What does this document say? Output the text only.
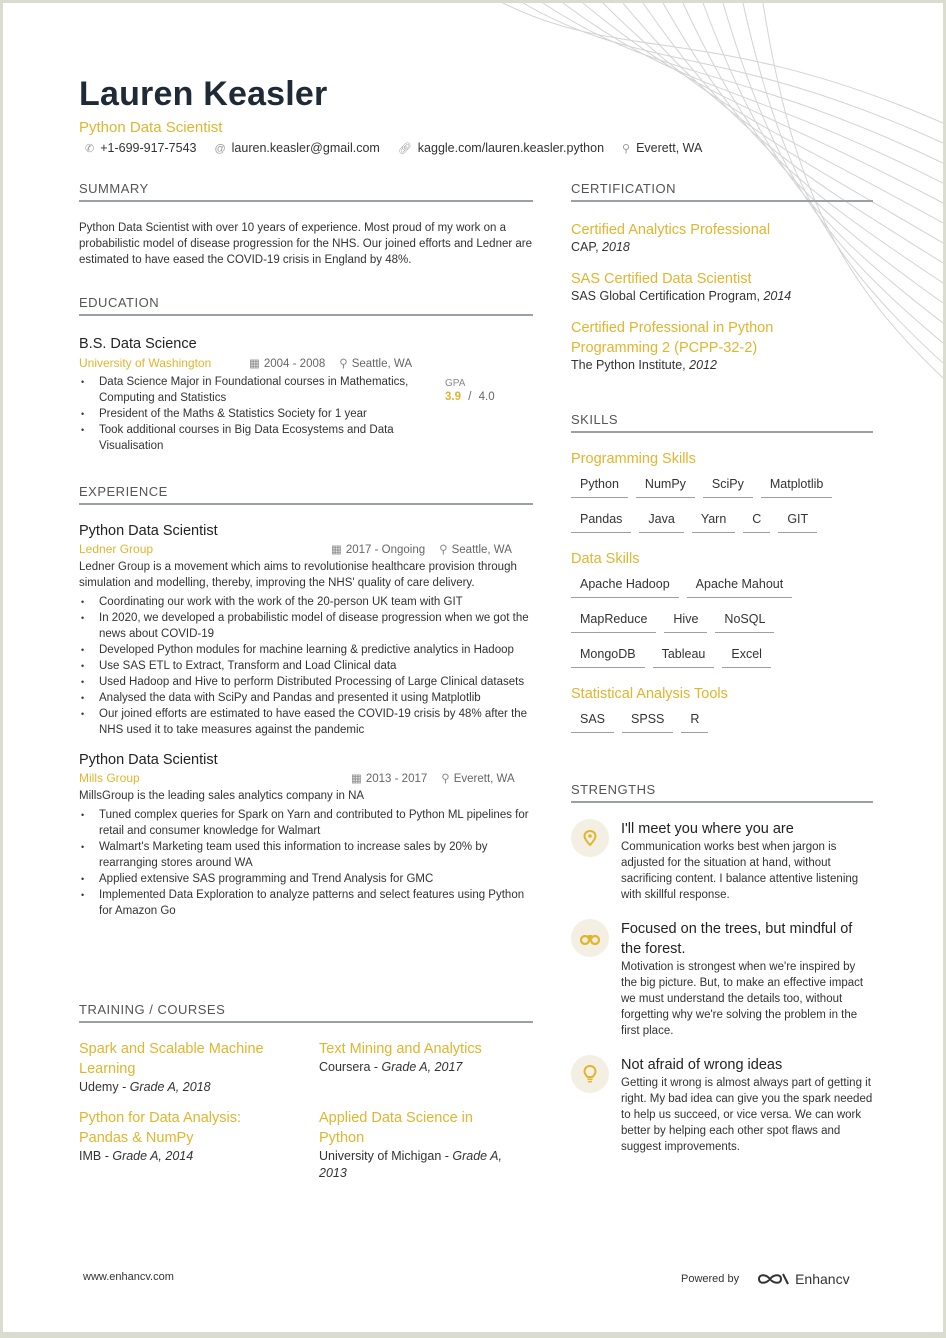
Lauren Keasler
Python Data Scientist
✆ +1-699-917-7543 @ lauren.keasler@gmail.com 🔗︎ kaggle.com/lauren.keasler.python ⚲ Everett, WA
SUMMARY
Python Data Scientist with over 10 years of experience. Most proud of my work on a probabilistic model of disease progression for the NHS. Our joined efforts and Ledner are estimated to have eased the COVID-19 crisis in England by 48%.
EDUCATION
B.S. Data Science
University of Washington	▦ 2004 - 2008 ⚲ Seattle, WA
• Data Science Major in Foundational courses in Mathematics, Computing and Statistics
• President of the Maths & Statistics Society for 1 year
• Took additional courses in Big Data Ecosystems and Data Visualisation
GPA
3.9 / 4.0
EXPERIENCE
Python Data Scientist
Ledner Group	▦ 2017 - Ongoing ⚲ Seattle, WA
Ledner Group is a movement which aims to revolutionise healthcare provision through simulation and modelling, thereby, improving the NHS' quality of care delivery.
• Coordinating our work with the work of the 20-person UK team with GIT
• In 2020, we developed a probabilistic model of disease progression when we got the news about COVID-19
• Developed Python modules for machine learning & predictive analytics in Hadoop
• Use SAS ETL to Extract, Transform and Load Clinical data
• Used Hadoop and Hive to perform Distributed Processing of Large Clinical datasets
• Analysed the data with SciPy and Pandas and presented it using Matplotlib
• Our joined efforts are estimated to have eased the COVID-19 crisis by 48% after the NHS used it to take measures against the pandemic
Python Data Scientist
Mills Group	▦ 2013 - 2017 ⚲ Everett, WA
MillsGroup is the leading sales analytics company in NA
• Tuned complex queries for Spark on Yarn and contributed to Python ML pipelines for retail and consumer knowledge for Walmart
• Walmart's Marketing team used this information to increase sales by 20% by rearranging stores around WA
• Applied extensive SAS programming and Trend Analysis for GMC
• Implemented Data Exploration to analyze patterns and select features using Python for Amazon Go
TRAINING / COURSES
Spark and Scalable Machine Learning
Udemy - Grade A, 2018
Text Mining and Analytics
Coursera - Grade A, 2017
Python for Data Analysis: Pandas & NumPy
IMB - Grade A, 2014
Applied Data Science in Python
University of Michigan - Grade A, 2013
CERTIFICATION
Certified Analytics Professional
CAP, 2018
SAS Certified Data Scientist
SAS Global Certification Program, 2014
Certified Professional in Python Programming 2 (PCPP-32-2)
The Python Institute, 2012
SKILLS
Programming Skills
Python	NumPy	SciPy	Matplotlib
Pandas	Java	Yarn	C	GIT
Data Skills
Apache Hadoop	Apache Mahout
MapReduce	Hive	NoSQL
MongoDB	Tableau	Excel
Statistical Analysis Tools
SAS	SPSS	R
STRENGTHS
I'll meet you where you are
Communication works best when jargon is adjusted for the situation at hand, without sacrificing content. I balance attentive listening with skillful response.
Focused on the trees, but mindful of the forest.
Motivation is strongest when we're inspired by the big picture. But, to make an effective impact we must understand the details too, without forgetting why we're solving the problem in the first place.
Not afraid of wrong ideas
Getting it wrong is almost always part of getting it right. My bad idea can give you the spark needed to help us succeed, or vice versa. We can work better by helping each other spot flaws and suggest improvements.
www.enhancv.com	Powered by	Enhancv
